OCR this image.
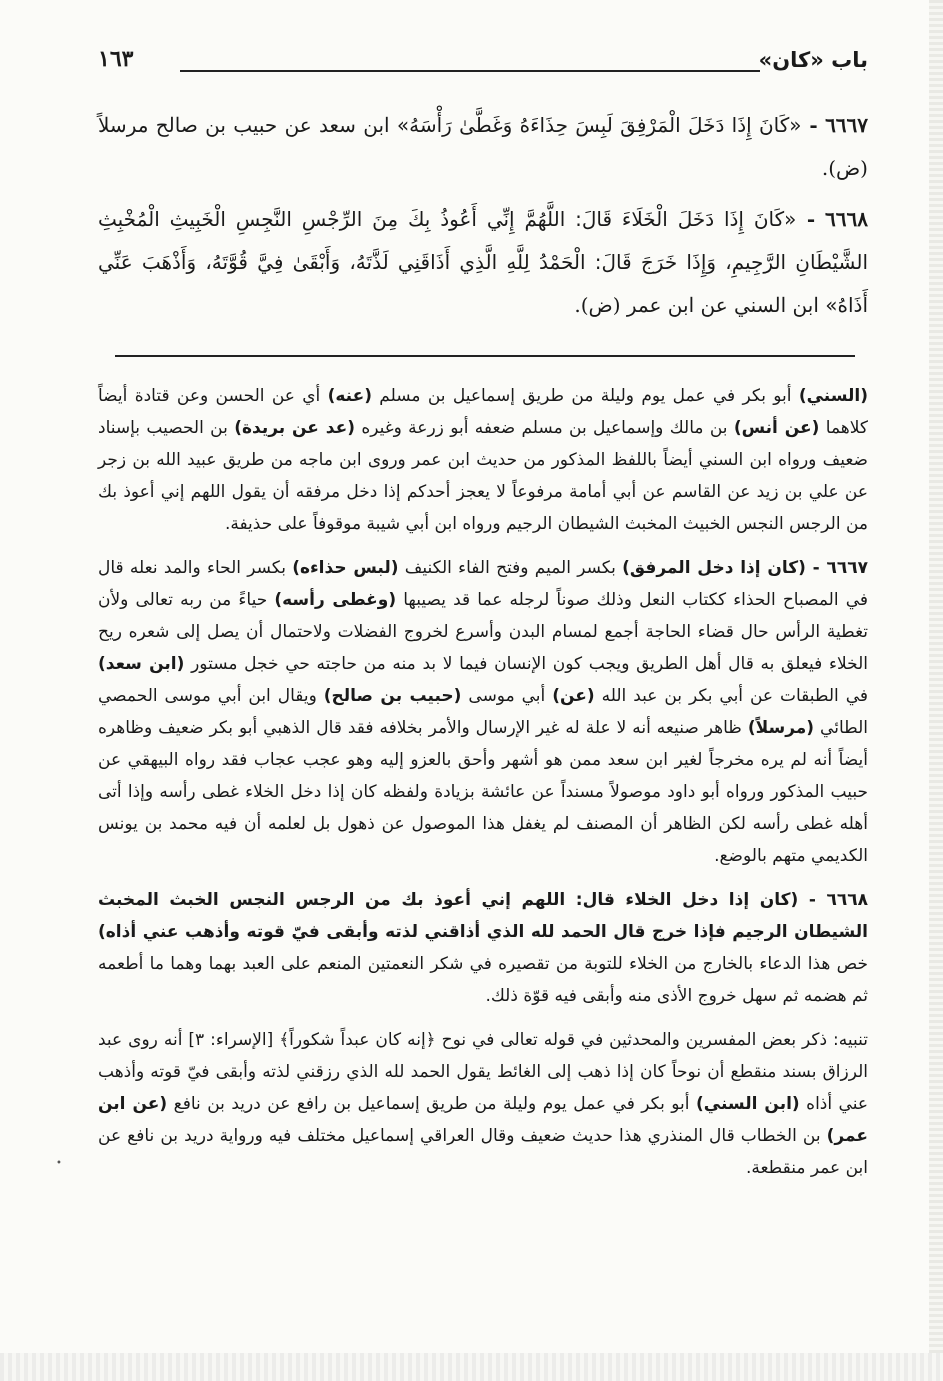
باب «كان»
١٦٣

٦٦٦٧ - «كَانَ إِذَا دَخَلَ الْمَرْفِقَ لَبِسَ حِذَاءَهُ وَغَطَّىٰ رَأْسَهُ» ابن سعد عن حبيب بن صالح مرسلاً (ض).

٦٦٦٨ - «كَانَ إِذَا دَخَلَ الْخَلَاءَ قَالَ: اللَّهُمَّ إِنِّي أَعُوذُ بِكَ مِنَ الرِّجْسِ النَّجِسِ الْخَبِيثِ الْمُخْبِثِ الشَّيْطَانِ الرَّجِيمِ، وَإِذَا خَرَجَ قَالَ: الْحَمْدُ لِلَّهِ الَّذِي أَذَاقَنِي لَذَّتَهُ، وَأَبْقَىٰ فِيَّ قُوَّتَهُ، وَأَذْهَبَ عَنِّي أَذَاهُ» ابن السني عن ابن عمر (ض).

(السني) أبو بكر في عمل يوم وليلة من طريق إسماعيل بن مسلم (عنه) أي عن الحسن وعن قتادة أيضاً كلاهما (عن أنس) بن مالك وإسماعيل بن مسلم ضعفه أبو زرعة وغيره (عد عن بريدة) بن الحصيب بإسناد ضعيف ورواه ابن السني أيضاً باللفظ المذكور من حديث ابن عمر وروى ابن ماجه من طريق عبيد الله بن زجر عن علي بن زيد عن القاسم عن أبي أمامة مرفوعاً لا يعجز أحدكم إذا دخل مرفقه أن يقول اللهم إني أعوذ بك من الرجس النجس الخبيث المخبث الشيطان الرجيم ورواه ابن أبي شيبة موقوفاً على حذيفة.

٦٦٦٧ - (كان إذا دخل المرفق) بكسر الميم وفتح الفاء الكنيف (لبس حذاءه) بكسر الحاء والمد نعله قال في المصباح الحذاء ككتاب النعل وذلك صوناً لرجله عما قد يصيبها (وغطى رأسه) حياءً من ربه تعالى ولأن تغطية الرأس حال قضاء الحاجة أجمع لمسام البدن وأسرع لخروج الفضلات ولاحتمال أن يصل إلى شعره ريح الخلاء فيعلق به قال أهل الطريق ويجب كون الإنسان فيما لا بد منه من حاجته حي خجل مستور (ابن سعد) في الطبقات عن أبي بكر بن عبد الله (عن) أبي موسى (حبيب بن صالح) ويقال ابن أبي موسى الحمصي الطائي (مرسلاً) ظاهر صنيعه أنه لا علة له غير الإرسال والأمر بخلافه فقد قال الذهبي أبو بكر ضعيف وظاهره أيضاً أنه لم يره مخرجاً لغير ابن سعد ممن هو أشهر وأحق بالعزو إليه وهو عجب عجاب فقد رواه البيهقي عن حبيب المذكور ورواه أبو داود موصولاً مسنداً عن عائشة بزيادة ولفظه كان إذا دخل الخلاء غطى رأسه وإذا أتى أهله غطى رأسه لكن الظاهر أن المصنف لم يغفل هذا الموصول عن ذهول بل لعلمه أن فيه محمد بن يونس الكديمي متهم بالوضع.

٦٦٦٨ - (كان إذا دخل الخلاء قال: اللهم إني أعوذ بك من الرجس النجس الخبث المخبث الشيطان الرجيم فإذا خرج قال الحمد لله الذي أذاقني لذته وأبقى فيّ قوته وأذهب عني أذاه) خص هذا الدعاء بالخارج من الخلاء للتوبة من تقصيره في شكر النعمتين المنعم على العبد بهما وهما ما أطعمه ثم هضمه ثم سهل خروج الأذى منه وأبقى فيه قوّة ذلك.

تنبيه: ذكر بعض المفسرين والمحدثين في قوله تعالى في نوح ﴿إنه كان عبداً شكوراً﴾ [الإسراء: ٣] أنه روى عبد الرزاق بسند منقطع أن نوحاً كان إذا ذهب إلى الغائط يقول الحمد لله الذي رزقني لذته وأبقى فيّ قوته وأذهب عني أذاه (ابن السني) أبو بكر في عمل يوم وليلة من طريق إسماعيل بن رافع عن دريد بن نافع (عن ابن عمر) بن الخطاب قال المنذري هذا حديث ضعيف وقال العراقي إسماعيل مختلف فيه ورواية دريد بن نافع عن ابن عمر منقطعة.

•
